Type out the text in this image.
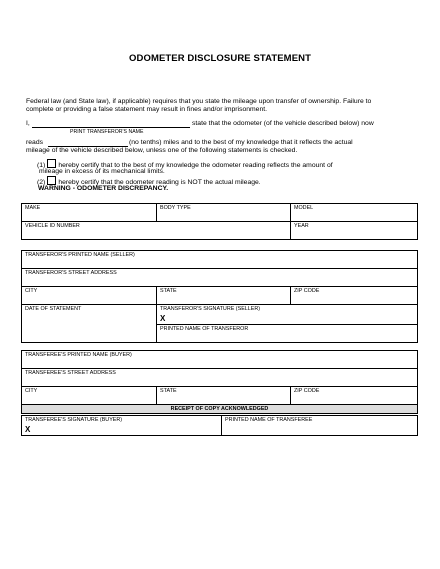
ODOMETER DISCLOSURE STATEMENT
Federal law (and State law), if applicable) requires that you state the mileage upon transfer of ownership. Failure to
complete or providing a false statement may result in fines and/or imprisonment.
I,	state that the odometer (of the vehicle described below) now
PRINT TRANSFEROR'S NAME
reads	(no tenths) miles and to the best of my knowledge that it reflects the actual
mileage of the vehicle described below, unless one of the following statements is checked.
(1) hereby certify that to the best of my knowledge the odometer reading reflects the amount of
mileage in excess of its mechanical limits.
(2) hereby certify that the odometer reading is NOT the actual mileage.
WARNING - ODOMETER DISCREPANCY.
MAKE	BODY TYPE	MODEL
VEHICLE ID NUMBER		YEAR
TRANSFEROR'S PRINTED NAME (SELLER)		
TRANSFEROR'S STREET ADDRESS		
CITY	STATE	ZIP CODE
DATE OF STATEMENT	TRANSFEROR'S SIGNATURE (SELLER)
X	

	PRINTED NAME OF TRANSFEROR	
TRANSFEREE'S PRINTED NAME (BUYER)
TRANSFEREE'S STREET ADDRESS
CITY	STATE	ZIP CODE
RECEIPT OF COPY ACKNOWLEDGED
TRANSFEREE'S SIGNATURE (BUYER)
X
	PRINTED NAME OF TRANSFEREE
